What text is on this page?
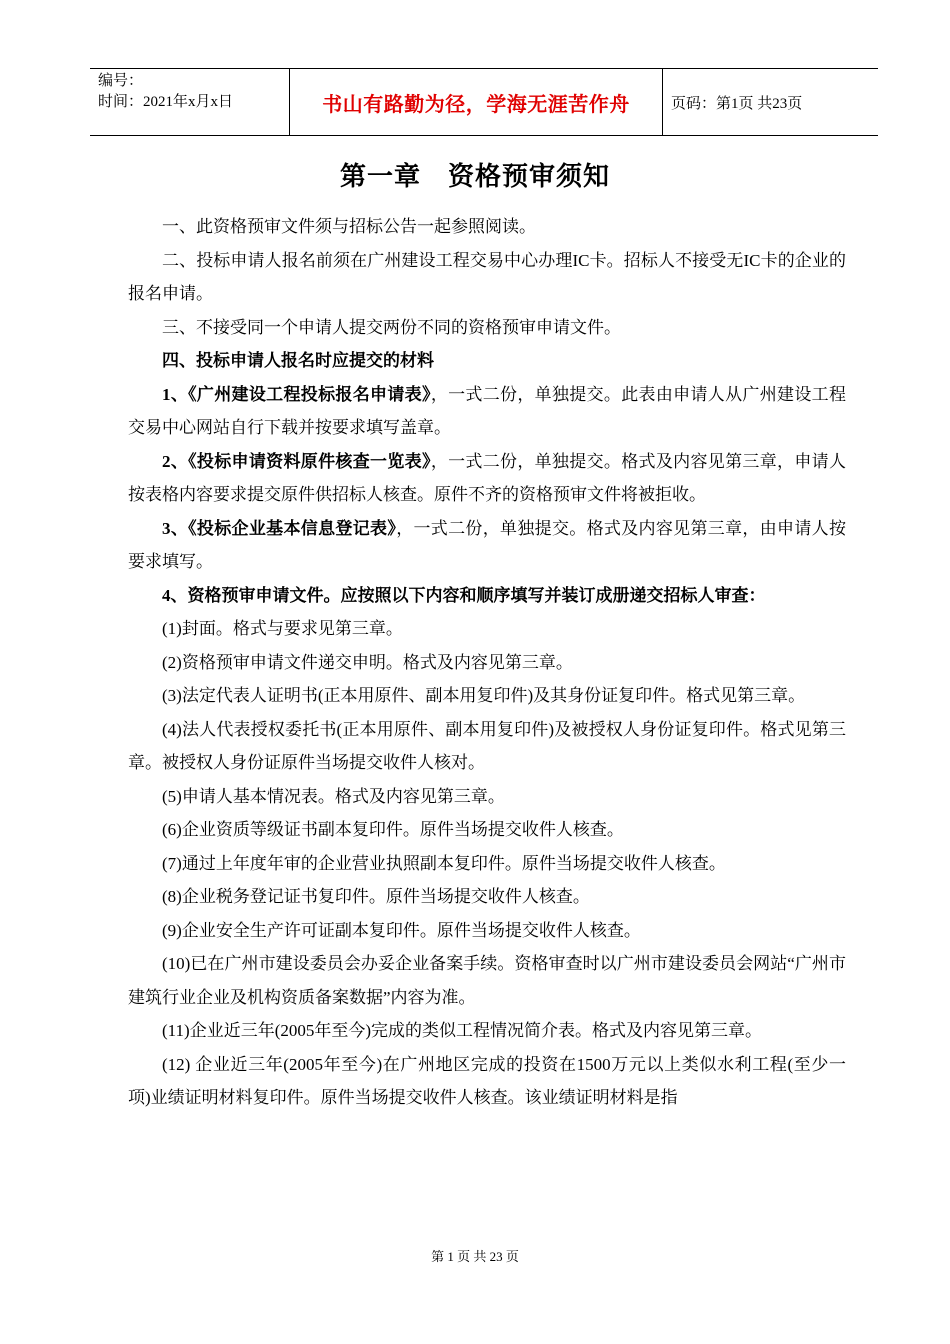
编号：
时间：2021年x月x日	书山有路勤为径，学海无涯苦作舟	页码：第1页 共23页
第一章　资格预审须知

一、此资格预审文件须与招标公告一起参照阅读。

二、投标申请人报名前须在广州建设工程交易中心办理IC卡。招标人不接受无IC卡的企业的报名申请。

三、不接受同一个申请人提交两份不同的资格预审申请文件。

四、投标申请人报名时应提交的材料

1、《广州建设工程投标报名申请表》，一式二份，单独提交。此表由申请人从广州建设工程交易中心网站自行下载并按要求填写盖章。

2、《投标申请资料原件核查一览表》，一式二份，单独提交。格式及内容见第三章，申请人按表格内容要求提交原件供招标人核查。原件不齐的资格预审文件将被拒收。

3、《投标企业基本信息登记表》，一式二份，单独提交。格式及内容见第三章，由申请人按要求填写。

4、资格预审申请文件。应按照以下内容和顺序填写并装订成册递交招标人审查：

(1)封面。格式与要求见第三章。

(2)资格预审申请文件递交申明。格式及内容见第三章。

(3)法定代表人证明书(正本用原件、副本用复印件)及其身份证复印件。格式见第三章。

(4)法人代表授权委托书(正本用原件、副本用复印件)及被授权人身份证复印件。格式见第三章。被授权人身份证原件当场提交收件人核对。

(5)申请人基本情况表。格式及内容见第三章。

(6)企业资质等级证书副本复印件。原件当场提交收件人核查。

(7)通过上年度年审的企业营业执照副本复印件。原件当场提交收件人核查。

(8)企业税务登记证书复印件。原件当场提交收件人核查。

(9)企业安全生产许可证副本复印件。原件当场提交收件人核查。

(10)已在广州市建设委员会办妥企业备案手续。资格审查时以广州市建设委员会网站“广州市建筑行业企业及机构资质备案数据”内容为准。

(11)企业近三年(2005年至今)完成的类似工程情况简介表。格式及内容见第三章。

(12) 企业近三年(2005年至今)在广州地区完成的投资在1500万元以上类似水利工程(至少一项)业绩证明材料复印件。原件当场提交收件人核查。该业绩证明材料是指

第 1 页 共 23 页
